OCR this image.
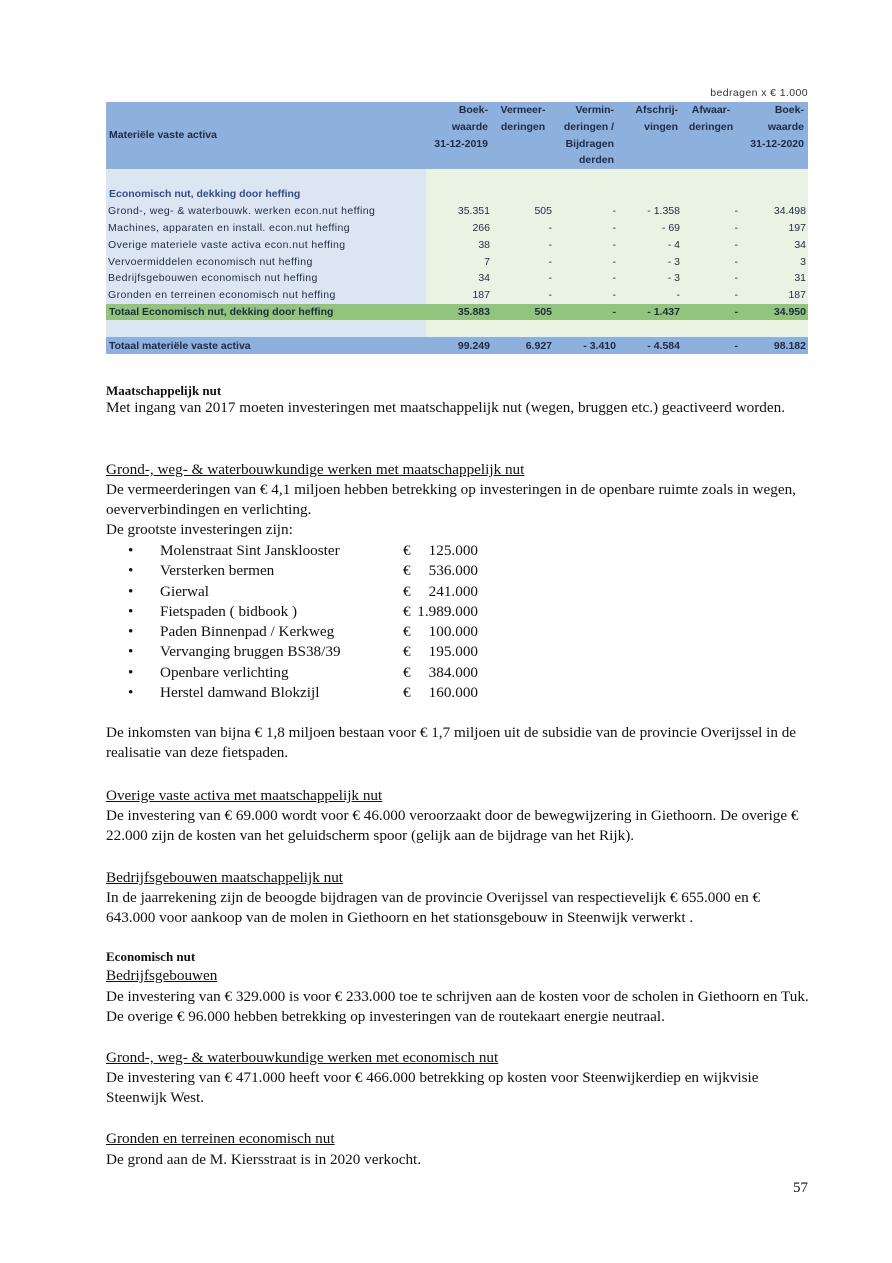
bedragen x € 1.000
Materiële vaste activa	Boek-	Vermeer-	Vermin-	Afschrij-	Afwaar-	Boek-
	waarde	deringen	deringen /	vingen	deringen	waarde
	31-12-2019		Bijdragen			31-12-2020
			derden			

Economisch nut, dekking door heffing						
Grond-, weg- & waterbouwk. werken econ.nut heffing	35.351	505	-	- 1.358	-	34.498
Machines, apparaten en install. econ.nut heffing	266	-	-	- 69	-	197
Overige materiele vaste activa econ.nut heffing	38	-	-	- 4	-	34
Vervoermiddelen economisch nut heffing	7	-	-	- 3	-	3
Bedrijfsgebouwen economisch nut heffing	34	-	-	- 3	-	31
Gronden en terreinen economisch nut heffing	187	-	-	-	-	187
Totaal Economisch nut, dekking door heffing	35.883	505	-	- 1.437	-	34.950

Totaal materiële vaste activa	99.249	6.927	- 3.410	- 4.584	-	98.182
Maatschappelijk nut
Met ingang van 2017 moeten investeringen met maatschappelijk nut (wegen, bruggen etc.) geactiveerd worden.
Grond-, weg- & waterbouwkundige werken met maatschappelijk nut
De vermeerderingen van € 4,1 miljoen hebben betrekking op investeringen in de openbare ruimte zoals in wegen, oeververbindingen en verlichting.
De grootste investeringen zijn:
• Molenstraat Sint Jansklooster	€	125.000
• Versterken bermen	€	536.000
• Gierwal	€	241.000
• Fietspaden ( bidbook )	€ 1.989.000
• Paden Binnenpad / Kerkweg	€	100.000
• Vervanging bruggen BS38/39	€	195.000
• Openbare verlichting	€	384.000
• Herstel damwand Blokzijl	€	160.000
De inkomsten van bijna € 1,8 miljoen bestaan voor € 1,7 miljoen uit de subsidie van de provincie Overijssel in de realisatie van deze fietspaden.
Overige vaste activa met maatschappelijk nut
De investering van € 69.000 wordt voor € 46.000 veroorzaakt door de bewegwijzering in Giethoorn. De overige € 22.000 zijn de kosten van het geluidscherm spoor (gelijk aan de bijdrage van het Rijk).
Bedrijfsgebouwen maatschappelijk nut
In de jaarrekening zijn de beoogde bijdragen van de provincie Overijssel van respectievelijk € 655.000 en € 643.000 voor aankoop van de molen in Giethoorn en het stationsgebouw in Steenwijk verwerkt .
Economisch nut
Bedrijfsgebouwen
De investering van € 329.000 is voor € 233.000 toe te schrijven aan de kosten voor de scholen in Giethoorn en Tuk. De overige € 96.000 hebben betrekking op investeringen van de routekaart energie neutraal.
Grond-, weg- & waterbouwkundige werken met economisch nut
De investering van € 471.000 heeft voor € 466.000 betrekking op kosten voor Steenwijkerdiep en wijkvisie Steenwijk West.
Gronden en terreinen economisch nut
De grond aan de M. Kiersstraat is in 2020 verkocht.
57
